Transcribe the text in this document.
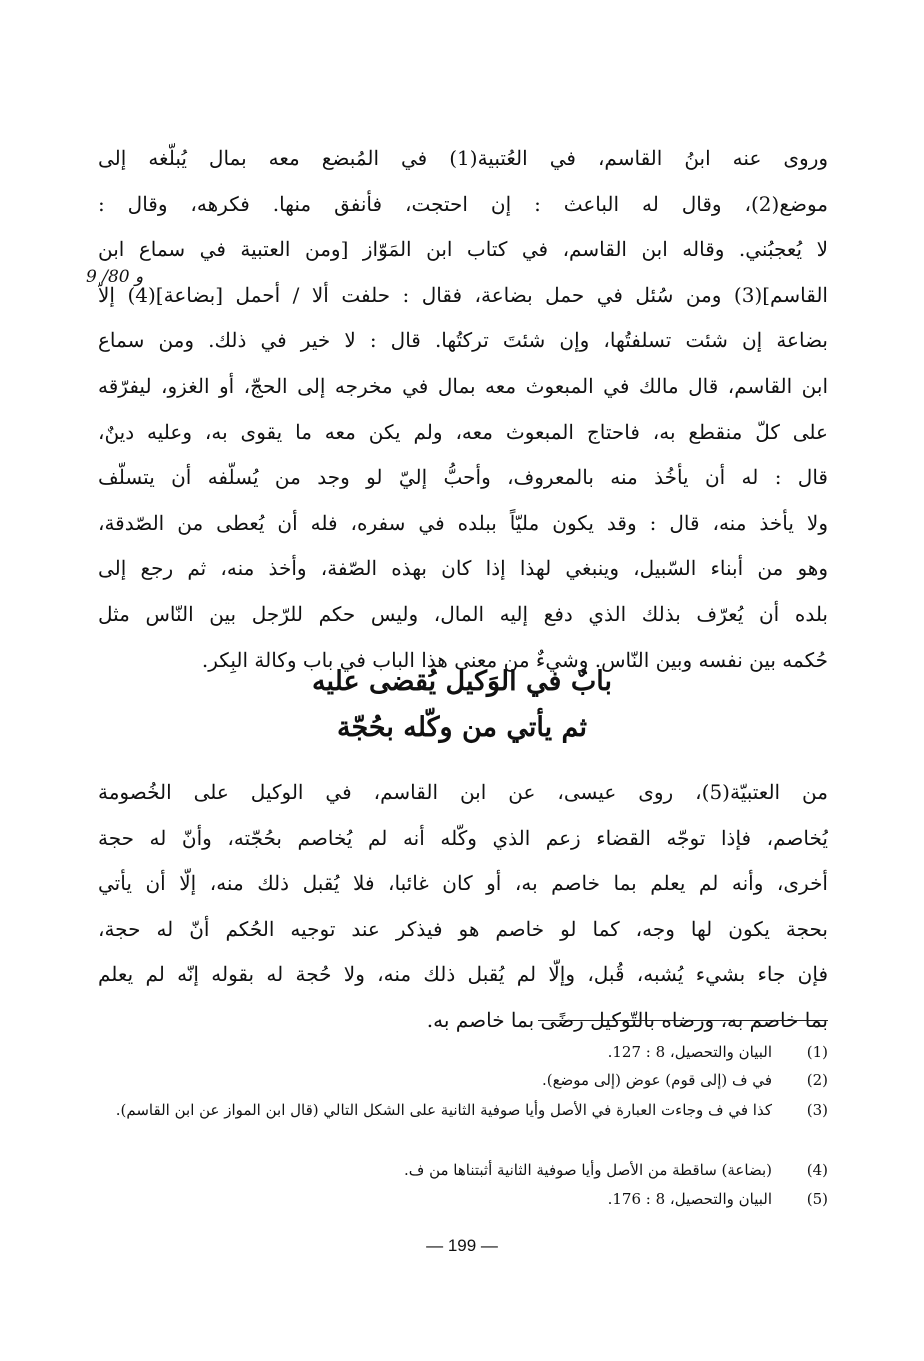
وروى عنه ابنُ القاسم، في العُتبية(1) في المُبضع معه بمال يُبلّغه إلى
موضع(2)، وقال له الباعث : إن احتجت، فأنفق منها. فكرهه، وقال :
لا يُعجبُني. وقاله ابن القاسم، في كتاب ابن المَوّاز [ومن العتبية في سماع ابن
القاسم](3) ومن سُئل في حمل بضاعة، فقال : حلفت ألا / أحمل [بضاعة](4) إلاّ
بضاعة إن شئت تسلفتُها، وإن شئتَ تركتُها. قال : لا خير في ذلك. ومن سماع
ابن القاسم، قال مالك في المبعوث معه بمال في مخرجه إلى الحجّ، أو الغزو، ليفرّقه
على كلّ منقطع به، فاحتاج المبعوث معه، ولم يكن معه ما يقوى به، وعليه دينٌ،
قال : له أن يأخُذ منه بالمعروف، وأحبُّ إليّ لو وجد من يُسلّفه أن يتسلّف
ولا يأخذ منه، قال : وقد يكون مليّاً ببلده في سفره، فله أن يُعطى من الصّدقة،
وهو من أبناء السّبيل، وينبغي لهذا إذا كان بهذه الصّفة، وأخذ منه، ثم رجع إلى
بلده أن يُعرّف بذلك الذي دفع إليه المال، وليس حكم للرّجل بين النّاس مثل
حُكمه بين نفسه وبين النّاس. وشيءٌ من معنى هذا الباب في باب وكالة البِكر.
9 /80 و
بابٌ في الوَكيل يُقضى عليه
ثم يأتي من وكّله بحُجّة
من العتبيّة(5)، روى عيسى، عن ابن القاسم، في الوكيل على الخُصومة
يُخاصم، فإذا توجّه القضاء زعم الذي وكّله أنه لم يُخاصم بحُجّته، وأنّ له حجة
أخرى، وأنه لم يعلم بما خاصم به، أو كان غائبا، فلا يُقبل ذلك منه، إلّا أن يأتي
بحجة يكون لها وجه، كما لو خاصم هو فيذكر عند توجيه الحُكم أنّ له حجة،
فإن جاء بشيء يُشبه، قُبل، وإلّا لم يُقبل ذلك منه، ولا حُجة له بقوله إنّه لم يعلم
بما خاصم به، ورضاه بالتّوكيل رضًى بما خاصم به.
(1)
البيان والتحصيل، 8 : 127.
(2)
في ف (إلى قوم) عوض (إلى موضع).
(3)
كذا في ف وجاءت العبارة في الأصل وأيا صوفية الثانية على الشكل التالي (قال ابن المواز عن ابن القاسم).
(4)
(بضاعة) ساقطة من الأصل وأيا صوفية الثانية أثبتناها من ف.
(5)
البيان والتحصيل، 8 : 176.
— 199 —
